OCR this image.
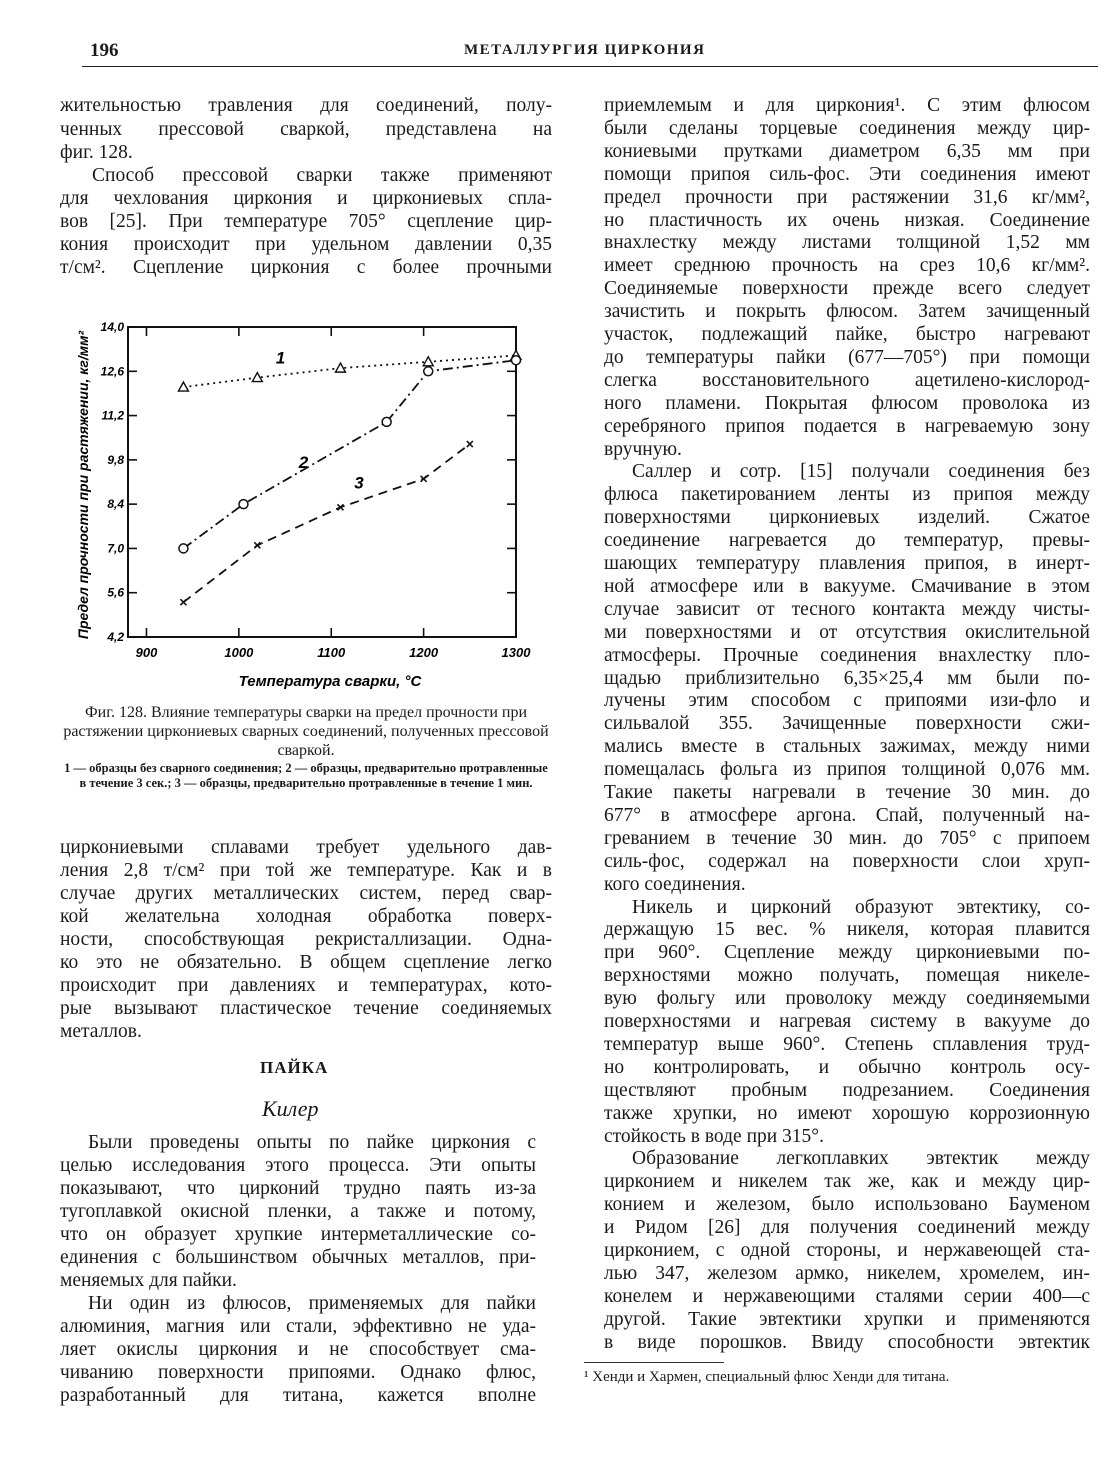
196	МЕТАЛЛУРГИЯ ЦИРКОНИЯ
жительностью травления для соединений, полу-
ченных прессовой сваркой, представлена на
фиг. 128.
Способ прессовой сварки также применяют
для чехлования циркония и циркониевых спла-
вов [25]. При температуре 705° сцепление цир-
кония происходит при удельном давлении 0,35
т/см². Сцепление циркония с более прочными
900	1000	1100	1200	1300
4,2
5,6
7,0
8,4
9,8
11,2
12,6
14,0
1
2
3
Предел прочности при растяжении, кг/мм²
Температура сварки, °С
Фиг. 128. Влияние температуры сварки на предел прочности при растяжении циркониевых сварных соединений, полученных прессовой сваркой.
1 — образцы без сварного соединения; 2 — образцы, предварительно протравленные в течение 3 сек.; 3 — образцы, предварительно протравленные в течение 1 мин.
циркониевыми сплавами требует удельного дав-
ления 2,8 т/см² при той же температуре. Как и в
случае других металлических систем, перед свар-
кой желательна холодная обработка поверх-
ности, способствующая рекристаллизации. Одна-
ко это не обязательно. В общем сцепление легко
происходит при давлениях и температурах, кото-
рые вызывают пластическое течение соединяемых
металлов.
ПАЙКА
Килер
Были проведены опыты по пайке циркония с
целью исследования этого процесса. Эти опыты
показывают, что цирконий трудно паять из-за
тугоплавкой окисной пленки, а также и потому,
что он образует хрупкие интерметаллические со-
единения с большинством обычных металлов, при-
меняемых для пайки.
Ни один из флюсов, применяемых для пайки
алюминия, магния или стали, эффективно не уда-
ляет окислы циркония и не способствует сма-
чиванию поверхности припоями. Однако флюс,
разработанный для титана, кажется вполне
приемлемым и для циркония¹. С этим флюсом
были сделаны торцевые соединения между цир-
кониевыми прутками диаметром 6,35 мм при
помощи припоя силь-фос. Эти соединения имеют
предел прочности при растяжении 31,6 кг/мм²,
но пластичность их очень низкая. Соединение
внахлестку между листами толщиной 1,52 мм
имеет среднюю прочность на срез 10,6 кг/мм².
Соединяемые поверхности прежде всего следует
зачистить и покрыть флюсом. Затем зачищенный
участок, подлежащий пайке, быстро нагревают
до температуры пайки (677—705°) при помощи
слегка восстановительного ацетилено-кислород-
ного пламени. Покрытая флюсом проволока из
серебряного припоя подается в нагреваемую зону
вручную.
Саллер и сотр. [15] получали соединения без
флюса пакетированием ленты из припоя между
поверхностями циркониевых изделий. Сжатое
соединение нагревается до температур, превы-
шающих температуру плавления припоя, в инерт-
ной атмосфере или в вакууме. Смачивание в этом
случае зависит от тесного контакта между чисты-
ми поверхностями и от отсутствия окислительной
атмосферы. Прочные соединения внахлестку пло-
щадью приблизительно 6,35×25,4 мм были по-
лучены этим способом с припоями изи-фло и
сильвалой 355. Зачищенные поверхности сжи-
мались вместе в стальных зажимах, между ними
помещалась фольга из припоя толщиной 0,076 мм.
Такие пакеты нагревали в течение 30 мин. до
677° в атмосфере аргона. Спай, полученный на-
греванием в течение 30 мин. до 705° с припоем
силь-фос, содержал на поверхности слои хруп-
кого соединения.
Никель и цирконий образуют эвтектику, со-
держащую 15 вес. % никеля, которая плавится
при 960°. Сцепление между циркониевыми по-
верхностями можно получать, помещая никеле-
вую фольгу или проволоку между соединяемыми
поверхностями и нагревая систему в вакууме до
температур выше 960°. Степень сплавления труд-
но контролировать, и обычно контроль осу-
ществляют пробным подрезанием. Соединения
также хрупки, но имеют хорошую коррозионную
стойкость в воде при 315°.
Образование легкоплавких эвтектик между
цирконием и никелем так же, как и между цир-
конием и железом, было использовано Бауменом
и Ридом [26] для получения соединений между
цирконием, с одной стороны, и нержавеющей ста-
лью 347, железом армко, никелем, хромелем, ин-
конелем и нержавеющими сталями серии 400—с
другой. Такие эвтектики хрупки и применяются
в виде порошков. Ввиду способности эвтектик
¹ Хенди и Хармен, специальный флюс Хенди для титана.
